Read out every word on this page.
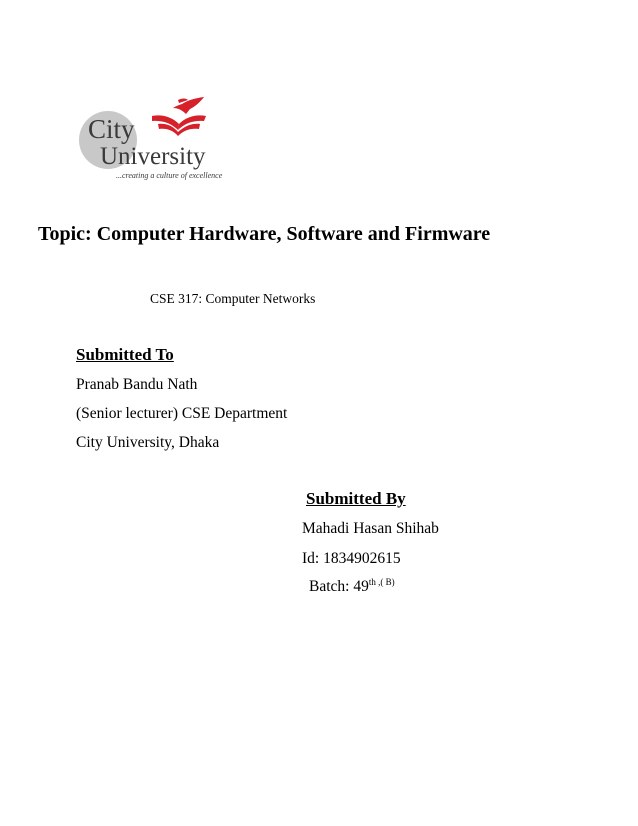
City
University
...creating a culture of excellence
Topic: Computer Hardware, Software and Firmware
CSE 317: Computer Networks
Submitted To
Pranab Bandu Nath
(Senior lecturer) CSE Department
City University, Dhaka
Submitted By
Mahadi Hasan Shihab
Id: 1834902615
Batch: $49^{th ,( B)}$
